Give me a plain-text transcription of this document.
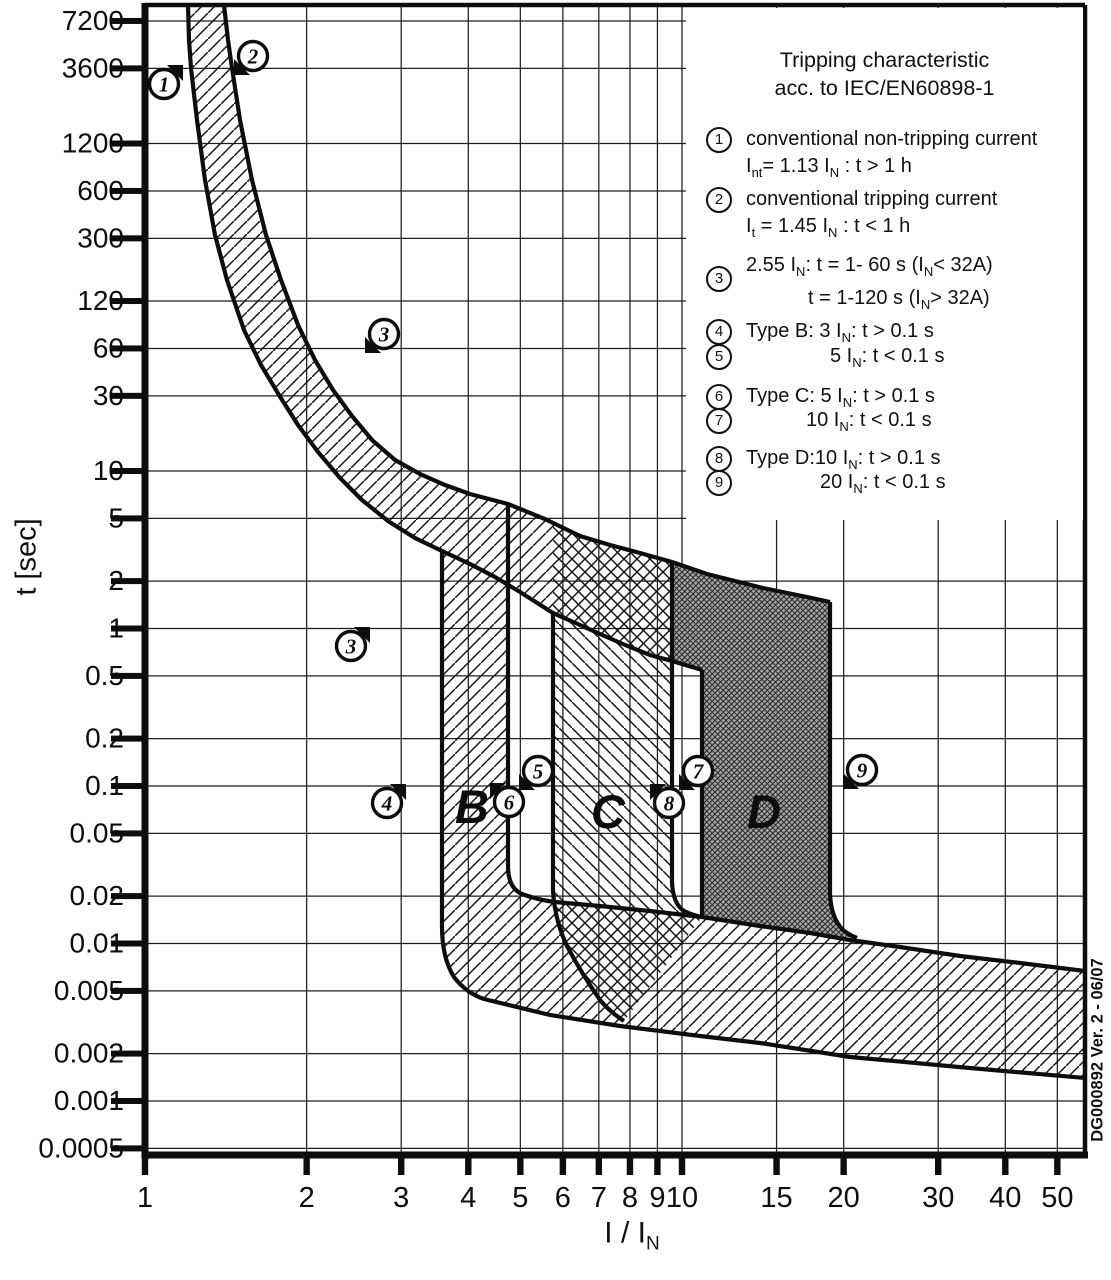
7200
3600
1200
600
300
120
60
30
10
5
2
1
0.5
0.2
0.1
0.05
0.02
0.01
0.005
0.002
0.001
0.0005
1	2	3 4 5 6 7 8 9 10 15 20 30 40 50
B C	D
1
2
3
3
4
5
6
7
8
9
t [sec]
I / $I_N$
DG000892 Ver. 2 - 06/07
Tripping characteristic
acc. to IEC/EN60898-1
1	conventional non-tripping current
$I_{nt}= 1.13$ $I_N$ : t > 1 h
2	conventional tripping current
$I_t = 1.45$ $I_N$ : t < 1 h
3
2.55 $I_N$: t = 1- 60 s $(I_N< 32A)$
t = 1-120 s $(I_N> 32A)$
4	Type B: 3 $I_N$: t > 0.1 s
5	5 $I_N$: t < 0.1 s
6	Type C: 5 $I_N$: t > 0.1 s
7	10 $I_N$: t < 0.1 s
8	Type D:10 $I_N$: t > 0.1 s
9	20 $I_N$: t < 0.1 s
